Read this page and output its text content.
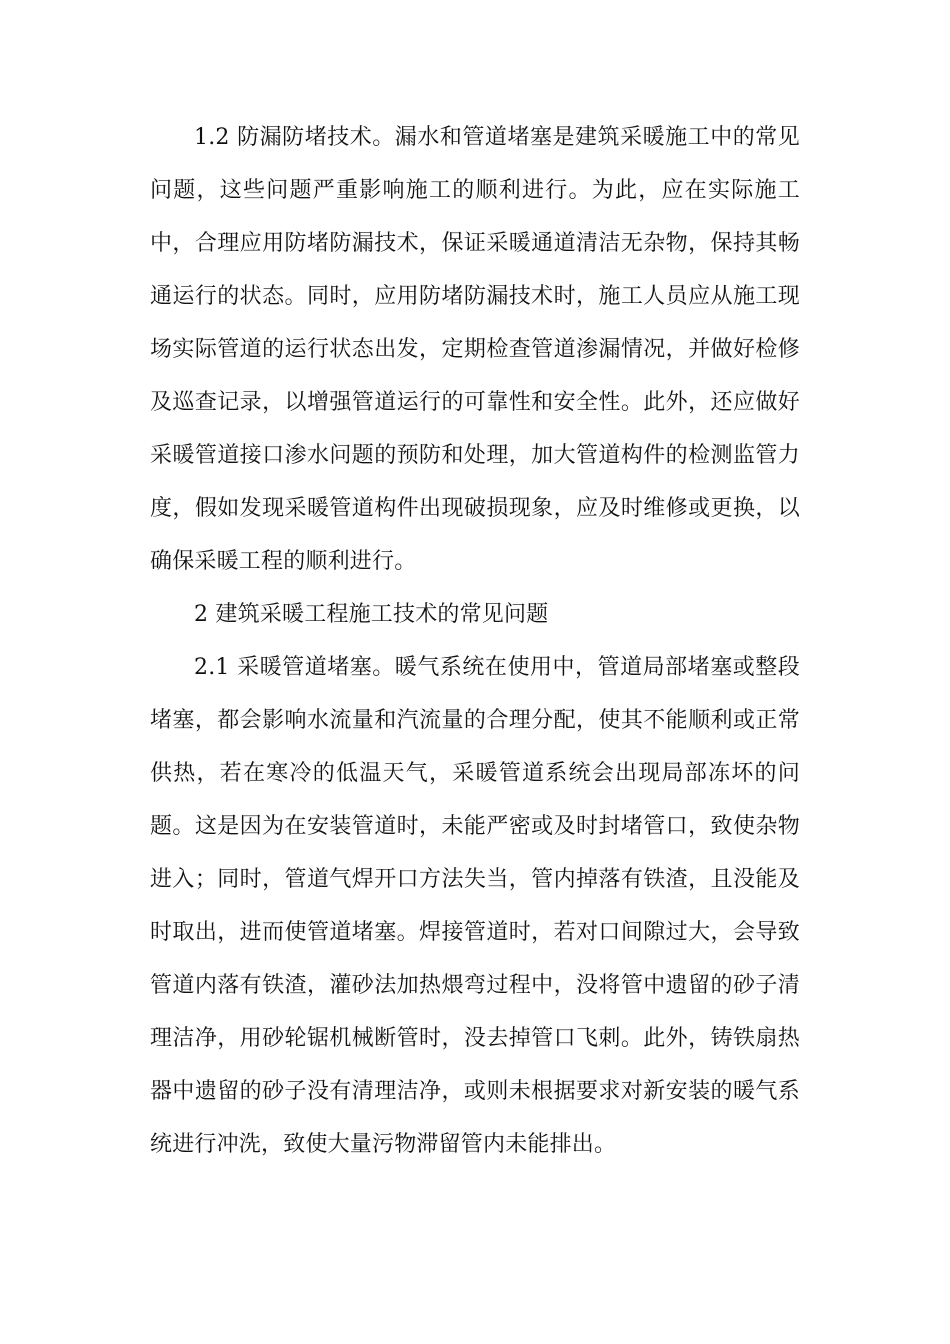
1.2 防漏防堵技术。漏水和管道堵塞是建筑采暖施工中的常见问题，这些问题严重影响施工的顺利进行。为此，应在实际施工中，合理应用防堵防漏技术，保证采暖通道清洁无杂物，保持其畅通运行的状态。同时，应用防堵防漏技术时，施工人员应从施工现场实际管道的运行状态出发，定期检查管道渗漏情况，并做好检修及巡查记录，以增强管道运行的可靠性和安全性。此外，还应做好采暖管道接口渗水问题的预防和处理，加大管道构件的检测监管力度，假如发现采暖管道构件出现破损现象，应及时维修或更换，以确保采暖工程的顺利进行。

2 建筑采暖工程施工技术的常见问题

2.1 采暖管道堵塞。暖气系统在使用中，管道局部堵塞或整段堵塞，都会影响水流量和汽流量的合理分配，使其不能顺利或正常供热，若在寒冷的低温天气，采暖管道系统会出现局部冻坏的问题。这是因为在安装管道时，未能严密或及时封堵管口，致使杂物进入；同时，管道气焊开口方法失当，管内掉落有铁渣，且没能及时取出，进而使管道堵塞。焊接管道时，若对口间隙过大，会导致管道内落有铁渣，灌砂法加热煨弯过程中，没将管中遗留的砂子清理洁净，用砂轮锯机械断管时，没去掉管口飞刺。此外，铸铁扇热器中遗留的砂子没有清理洁净，或则未根据要求对新安装的暖气系统进行冲洗，致使大量污物滞留管内未能排出。
